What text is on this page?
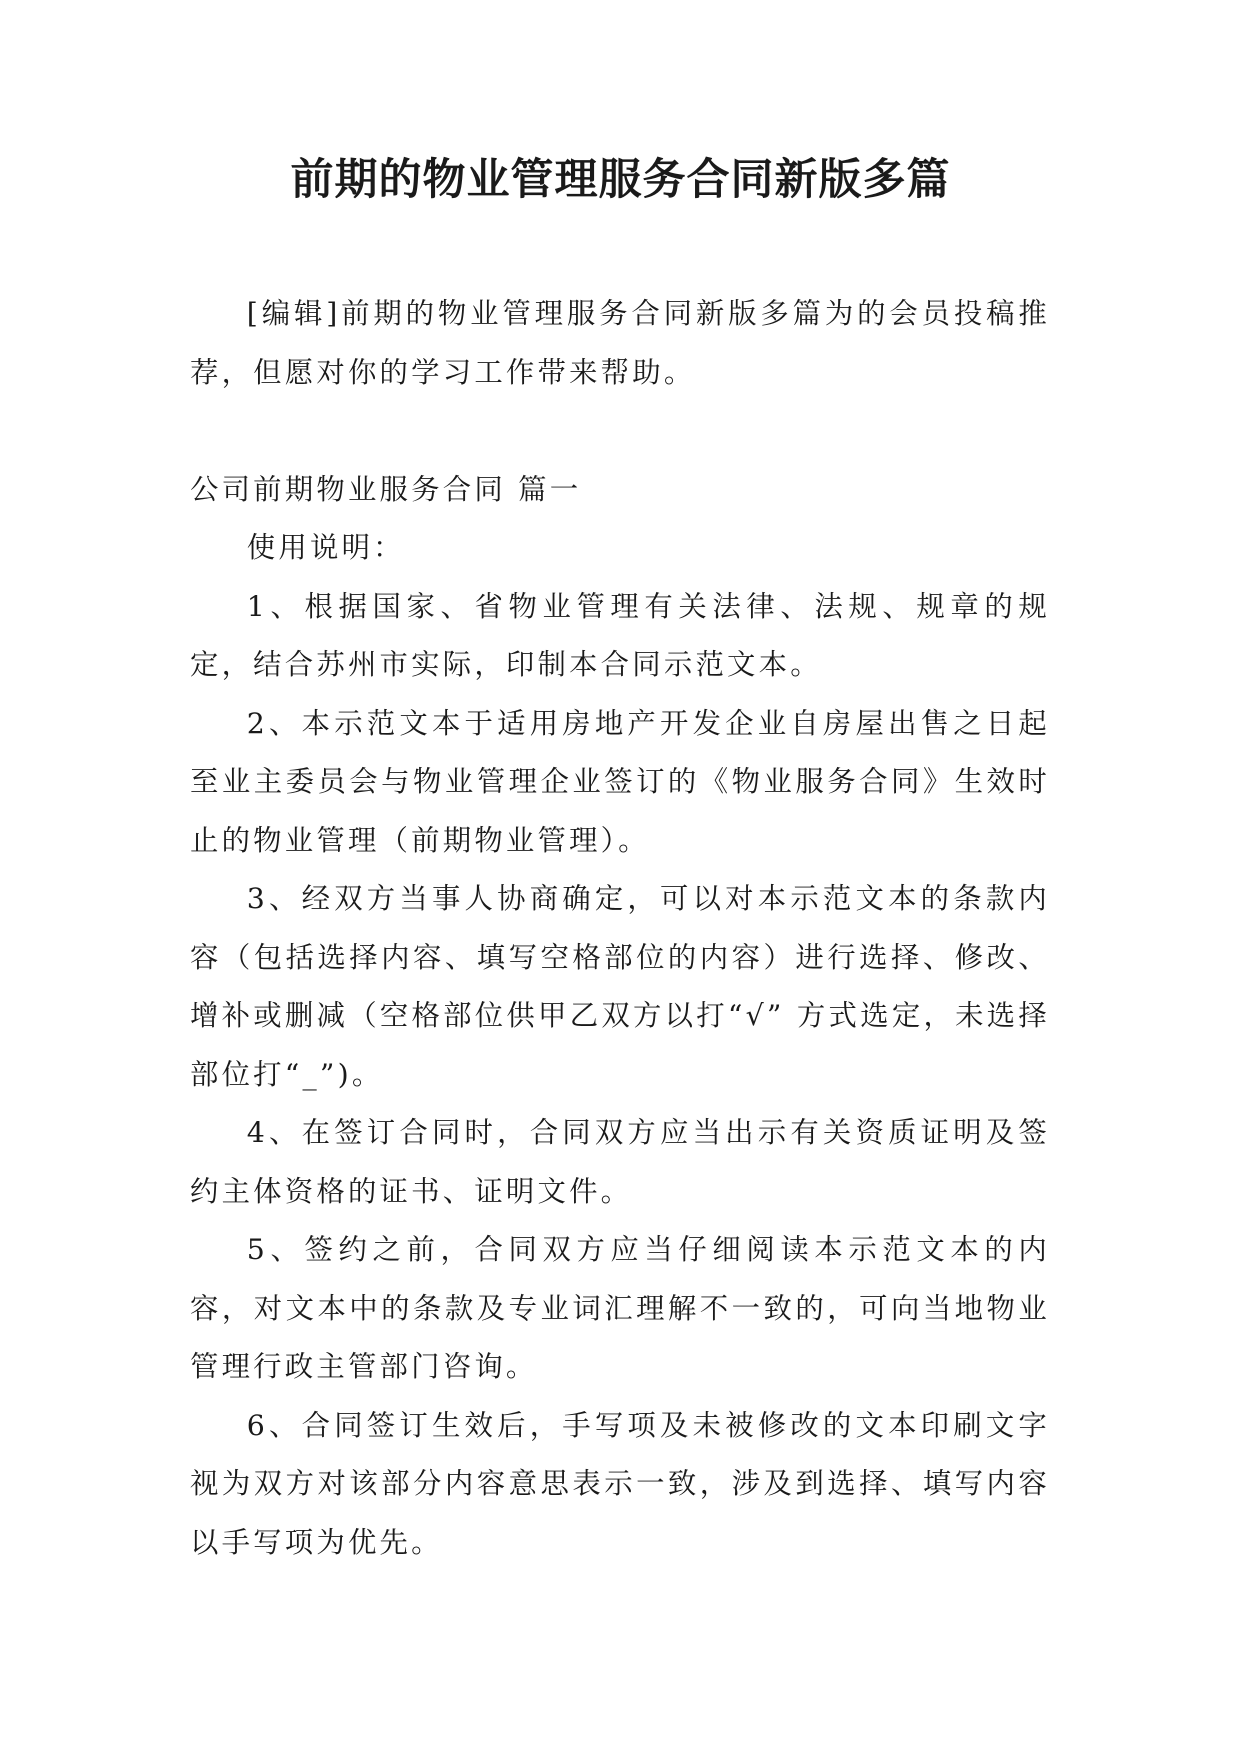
前期的物业管理服务合同新版多篇

[编辑]前期的物业管理服务合同新版多篇为的会员投稿推荐，但愿对你的学习工作带来帮助。

公司前期物业服务合同 篇一

使用说明：

1、根据国家、省物业管理有关法律、法规、规章的规定，结合苏州市实际，印制本合同示范文本。

2、本示范文本于适用房地产开发企业自房屋出售之日起至业主委员会与物业管理企业签订的《物业服务合同》生效时止的物业管理（前期物业管理）。

3、经双方当事人协商确定，可以对本示范文本的条款内容（包括选择内容、填写空格部位的内容）进行选择、修改、增补或删减（空格部位供甲乙双方以打“√” 方式选定，未选择部位打“_”)。

4、在签订合同时，合同双方应当出示有关资质证明及签约主体资格的证书、证明文件。

5、签约之前，合同双方应当仔细阅读本示范文本的内容，对文本中的条款及专业词汇理解不一致的，可向当地物业管理行政主管部门咨询。

6、合同签订生效后，手写项及未被修改的文本印刷文字视为双方对该部分内容意思表示一致，涉及到选择、填写内容以手写项为优先。
